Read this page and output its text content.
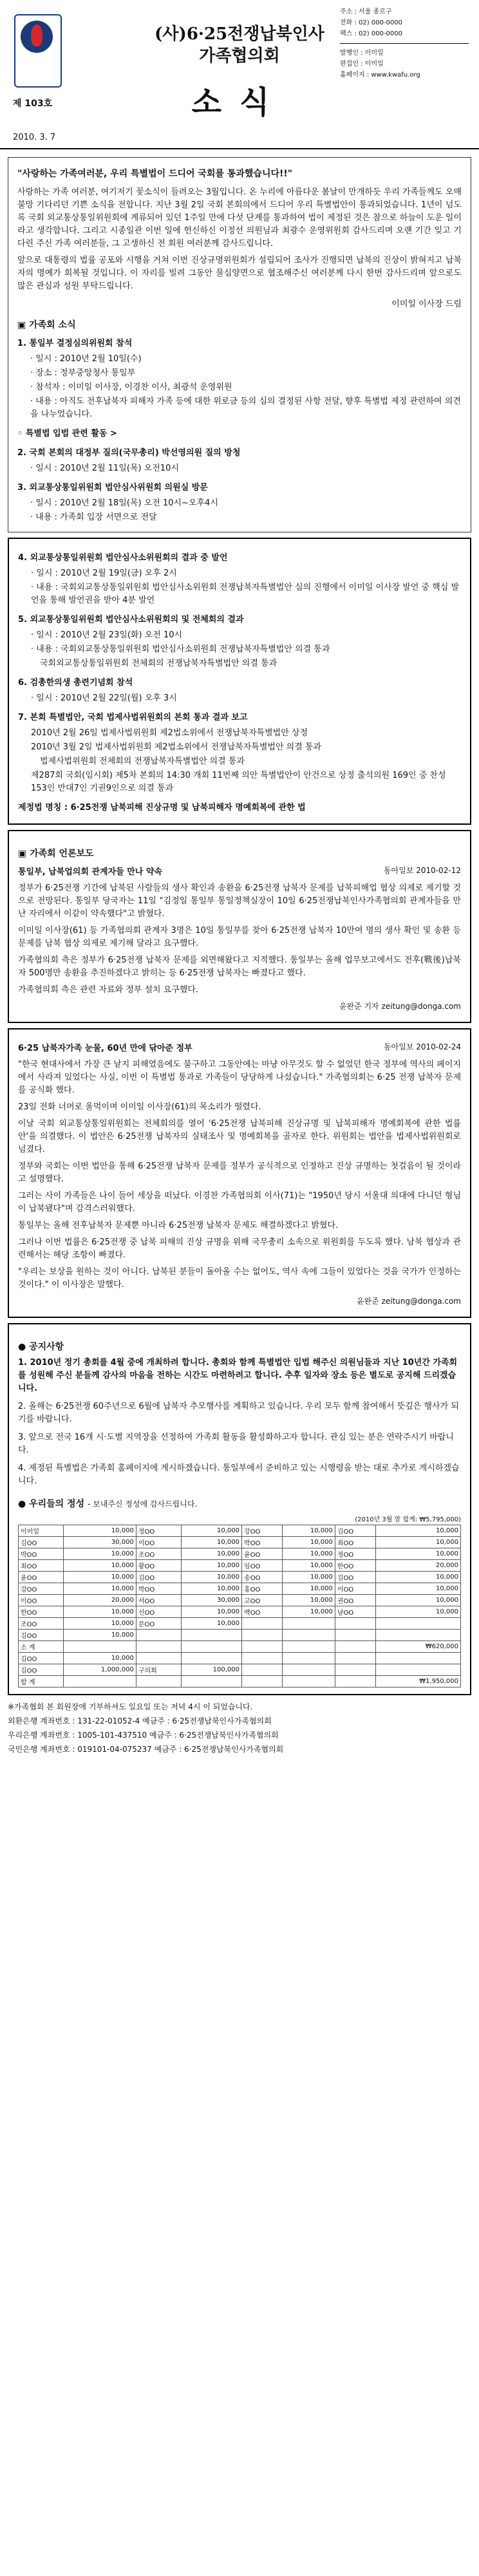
제 103호
2010. 3. 7
(사)6·25전쟁납북인사
가족협의회
소식
주소 : 서울 종로구
전화 : 02) 000-0000
팩스 : 02) 000-0000
발행인 : 이미일
편집인 : 이미일
홈페이지 : www.kwafu.org
"사랑하는 가족여러분, 우리 특별법이 드디어 국회를 통과했습니다!!"

사랑하는 가족 여러분, 여기저기 꽃소식이 들려오는 3월입니다. 온 누리에 아름다운 봄날이 만개하듯 우리 가족들께도 오매불망 기다리던 기쁜 소식을 전합니다. 지난 3월 2일 국회 본회의에서 드디어 우리 특별법안이 통과되었습니다. 1년이 넘도록 국회 외교통상통일위원회에 계류되어 있던 1주일 만에 다섯 단계를 통과하여 법이 제정된 것은 참으로 하늘이 도운 일이라고 생각합니다. 그리고 시종일관 이번 일에 헌신하신 이정선 의원님과 최광수 운영위원회 감사드리며 오랜 기간 잊고 기다린 주신 가족 여러분들, 그 고생하신 전 회원 여러분께 감사드립니다.

앞으로 대통령의 법률 공포와 시행을 거쳐 이번 진상규명위원회가 설립되어 조사가 진행되면 납북의 진상이 밝혀지고 납북자의 명예가 회복될 것입니다. 이 자리를 빌려 그동안 물심양면으로 협조해주신 여러분께 다시 한번 감사드리며 앞으로도 많은 관심과 성원 부탁드립니다.

이미일 이사장 드림
▣ 가족회 소식
1. 통일부 결정심의위원회 참석
· 일시 : 2010년 2월 10일(수)
· 장소 : 정부중앙청사 통일부
· 참석자 : 이미일 이사장, 이경찬 이사, 최광석 운영위원
· 내용 : 아직도 전후납북자 피해자 가족 등에 대한 위로금 등의 심의 결정된 사항 전달, 향후 특별법 제정 관련하여 의견을 나누었습니다.
◦ 특별법 입법 관련 활동 >
2. 국회 본회의 대정부 질의(국무총리) 박선영의원 질의 방청
· 일시 : 2010년 2월 11일(목) 오전10시
3. 외교통상통일위원회 법안심사위원회 의원실 방문
· 일시 : 2010년 2월 18일(목) 오전 10시~오후4시
· 내용 : 가족회 입장 서면으로 전달
4. 외교통상통일위원회 법안심사소위원회의 결과 중 발언
· 일시 : 2010년 2월 19일(금) 오후 2시
· 내용 : 국회외교통상통일위원회 법안심사소위원회 전쟁납북자특별법안 심의 진행에서 이미일 이사장 발언 중 핵심 발언을 통해 발언권을 받아 4분 발언
5. 외교통상통일위원회 법안심사소위원회의 및 전체회의 결과
· 일시 : 2010년 2월 23일(화) 오전 10시
· 내용 : 국회외교통상통일위원회 법안심사소위원회 전쟁납북자특별법안 의결 통과
국회외교통상통일위원회 전체회의 전쟁납북자특별법안 의결 통과
6. 검총한의생 총련기념회 참석
· 일시 : 2010년 2월 22일(월) 오후 3시
7. 본회 특별법안, 국회 법제사법위원회의 본회 통과 결과 보고
2010년 2월 26일 법제사법위원회 제2법소위에서 전쟁납북자특별법안 상정
2010년 3월 2일 법제사법위원회 제2법소위에서 전쟁납북자특별법안 의결 통과
법제사법위원회 전체회의 전쟁납북자특별법안 의결 통과
제287회 국회(임시회) 제5차 본회의 14:30 개회 11번째 의안 특별법안이 안건으로 상정 출석의원 169인 중 찬성 153인 반대7인 기권9인으로 의결 통과
제정법 명칭 : 6·25전쟁 납북피해 진상규명 및 납북피해자 명예회복에 관한 법
▣ 가족회 언론보도
통일부, 납북업의회 관계자들 만나 약속	동아일보 2010-02-12

정부가 6·25전쟁 기간에 납북된 사람들의 생사 확인과 송환을 6·25전쟁 납북자 문제를 납북피해업 협상 의제로 제기할 것으로 전망된다. 통일부 당국자는 11일 "김정일 통일부 통일정책실장이 10일 6·25전쟁납북인사가족협의회 관계자들을 만난 자리에서 이같이 약속했다"고 밝혔다.

이미일 이사장(61) 등 가족협의회 관계자 3명은 10일 통일부를 찾아 6·25전쟁 납북자 10만여 명의 생사 확인 및 송환 등 문제를 남북 협상 의제로 제기해 달라고 요구했다.

가족협의회 측은 정부가 6·25전쟁 납북자 문제를 외면해왔다고 지적했다. 통일부는 올해 업무보고에서도 전후(戰後)납북자 500명만 송환을 추진하겠다고 밝히는 등 6·25전쟁 납북자는 빠졌다고 했다.

가족협의회 측은 관련 자료와 정부 설치 요구했다.

윤완준 기자 zeitung@donga.com
6·25 납북자가족 눈물, 60년 만에 닦아준 정부	동아일보 2010-02-24

"한국 현대사에서 가장 큰 낱지 피해였음에도 불구하고 그동안에는 마냥 아무것도 할 수 없었던 한국 정부에 역사의 페이지에서 사라져 있었다는 사실, 이번 이 특별법 통과로 가족들이 당당하게 나섰습니다." 가족협의회는 6·25 전쟁 납북자 문제를 공식화 했다.

23일 전화 너머로 울먹이며 이미일 이사장(61)의 목소리가 떨렸다.

이날 국회 외교통상통일위원회는 전체회의를 열어 '6·25전쟁 납북피해 진상규명 및 납북피해자 명예회복에 관한 법률안'을 의결했다. 이 법안은 6·25전쟁 납북자의 실태조사 및 명예회복을 골자로 한다. 위원회는 법안을 법제사법위원회로 넘겼다.

정부와 국회는 이번 법안을 통해 6·25전쟁 납북자 문제를 정부가 공식적으로 인정하고 진상 규명하는 첫걸음이 될 것이라고 설명했다.

그러는 사이 가족들은 나이 들어 세상을 떠났다. 이경찬 가족협의회 이사(71)는 "1950년 당시 서울대 의대에 다니던 형님이 납북됐다"며 감격스러워했다.

통일부는 올해 전후납북자 문제뿐 아니라 6·25전쟁 납북자 문제도 해결하겠다고 밝혔다.

그러나 이번 법률은 6·25전쟁 중 납북 피해의 진상 규명을 위해 국무총리 소속으로 위원회를 두도록 했다. 남북 협상과 관련해서는 해당 조항이 빠졌다.

"우리는 보상을 원하는 것이 아니다. 납북된 분들이 돌아올 수는 없어도, 역사 속에 그들이 있었다는 것을 국가가 인정하는 것이다." 이 이사장은 말했다.

윤완준 zeitung@donga.com
● 공지사항
1. 2010년 정기 총회를 4월 중에 개최하려 합니다. 총회와 함께 특별법안 입법 해주신 의원님들과 지난 10년간 가족회를 성원해 주신 분들께 감사의 마음을 전하는 시간도 마련하려고 합니다. 추후 일자와 장소 등은 별도로 공지해 드리겠습니다.
2. 올해는 6·25전쟁 60주년으로 6월에 납북자 추모행사를 계획하고 있습니다. 우리 모두 함께 참여해서 뜻깊은 행사가 되기를 바랍니다.
3. 앞으로 전국 16개 시·도별 지역장을 선정하여 가족회 활동을 활성화하고자 합니다. 관심 있는 분은 연락주시기 바랍니다.
4. 제정된 특별법은 가족회 홈페이지에 게시하겠습니다. 통일부에서 준비하고 있는 시행령을 받는 대로 추가로 게시하겠습니다.
● 우리들의 정성 - 보내주신 정성에 감사드립니다.
(2010년 3월 말 합계: ₩5,795,000)
이미일	10,000	정OO	10,000	강OO	10,000	김OO	10,000
김OO	30,000	이OO	10,000	박OO	10,000	최OO	10,000
박OO	10,000	조OO	10,000	윤OO	10,000	정OO	10,000
최OO	10,000	황OO	10,000	임OO	10,000	한OO	20,000
윤OO	10,000	김OO	10,000	송OO	10,000	김OO	10,000
강OO	10,000	박OO	10,000	홍OO	10,000	이OO	10,000
이OO	20,000	서OO	30,000	고OO	10,000	권OO	10,000
한OO	10,000	신OO	10,000	백OO	10,000	남OO	10,000
조OO	10,000	문OO	10,000				
김OO	10,000						
소 계							₩620,000
김OO	10,000						
김OO	1,000,000	구의회	100,000				
합 계							₩1,950,000
※가족협회 본 회원장애 기부하셔도 일요일 또는 저녁 4시 이 되었습니다.
외환은행 계좌번호 : 131-22-01052-4 예금주 : 6·25전쟁납북인사가족협의회
우리은행 계좌번호 : 1005-101-437510 예금주 : 6·25전쟁납북인사가족협의회
국민은행 계좌번호 : 019101-04-075237 예금주 : 6·25전쟁납북인사가족협의회
